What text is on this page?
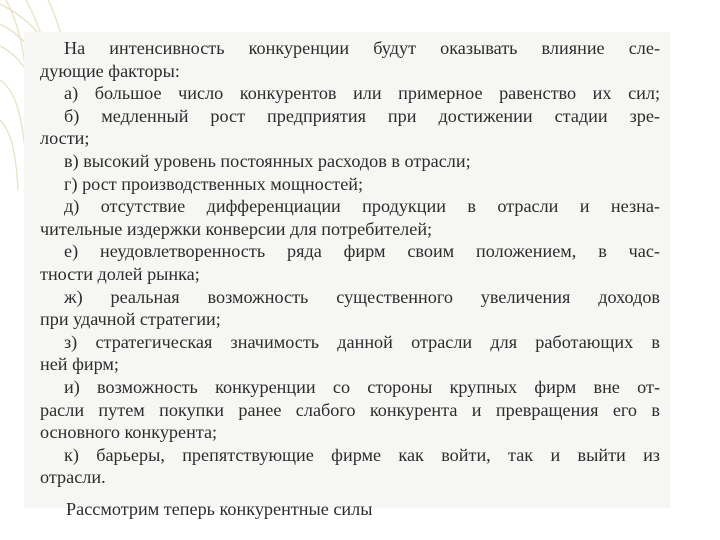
На интенсивность конкуренции будут оказывать влияние сле-
дующие факторы:
а) большое число конкурентов или примерное равенство их сил;
б) медленный рост предприятия при достижении стадии зре-
лости;
в) высокий уровень постоянных расходов в отрасли;
г) рост производственных мощностей;
д) отсутствие дифференциации продукции в отрасли и незна-
чительные издержки конверсии для потребителей;
е) неудовлетворенность ряда фирм своим положением, в час-
тности долей рынка;
ж) реальная возможность существенного увеличения доходов
при удачной стратегии;
з) стратегическая значимость данной отрасли для работающих в
ней фирм;
и) возможность конкуренции со стороны крупных фирм вне от-
расли путем покупки ранее слабого конкурента и превращения его в
основного конкурента;
к) барьеры, препятствующие фирме как войти, так и выйти из
отрасли.
Рассмотрим теперь конкурентные силы
